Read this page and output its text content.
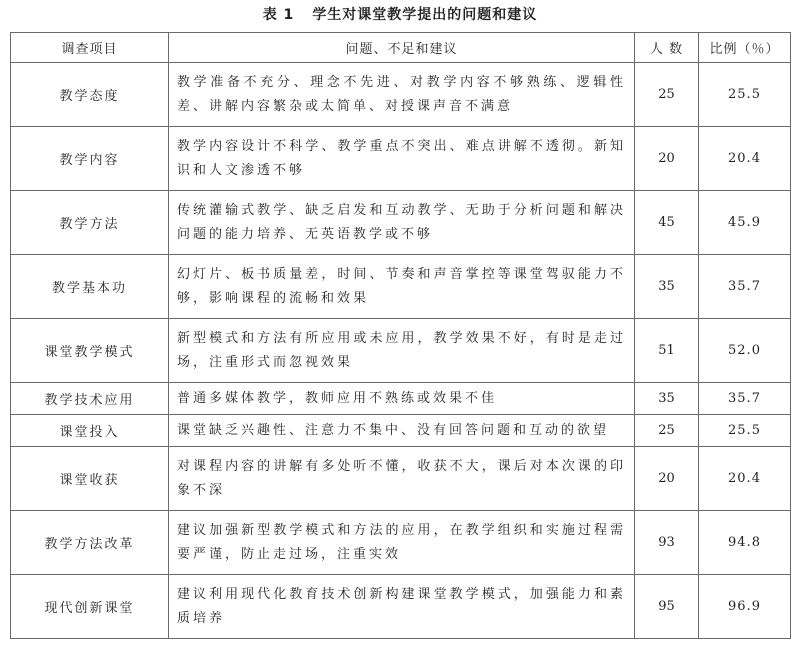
表 1 学生对课堂教学提出的问题和建议
调查项目	问题、不足和建议	人 数	比例（％）
教学态度	教学准备不充分、理念不先进、对教学内容不够熟练、逻辑性差、讲解内容繁杂或太简单、对授课声音不满意	25	25.5
教学内容	教学内容设计不科学、教学重点不突出、难点讲解不透彻。新知识和人文渗透不够	20	20.4
教学方法	传统灌输式教学、缺乏启发和互动教学、无助于分析问题和解决问题的能力培养、无英语教学或不够	45	45.9
教学基本功	幻灯片、板书质量差，时间、节奏和声音掌控等课堂驾驭能力不够，影响课程的流畅和效果	35	35.7
课堂教学模式	新型模式和方法有所应用或未应用，教学效果不好，有时是走过场，注重形式而忽视效果	51	52.0
教学技术应用	普通多媒体教学，教师应用不熟练或效果不佳	35	35.7
课堂投入	课堂缺乏兴趣性、注意力不集中、没有回答问题和互动的欲望	25	25.5
课堂收获	对课程内容的讲解有多处听不懂，收获不大，课后对本次课的印象不深	20	20.4
教学方法改革	建议加强新型教学模式和方法的应用，在教学组织和实施过程需要严谨，防止走过场，注重实效	93	94.8
现代创新课堂	建议利用现代化教育技术创新构建课堂教学模式，加强能力和素质培养	95	96.9
